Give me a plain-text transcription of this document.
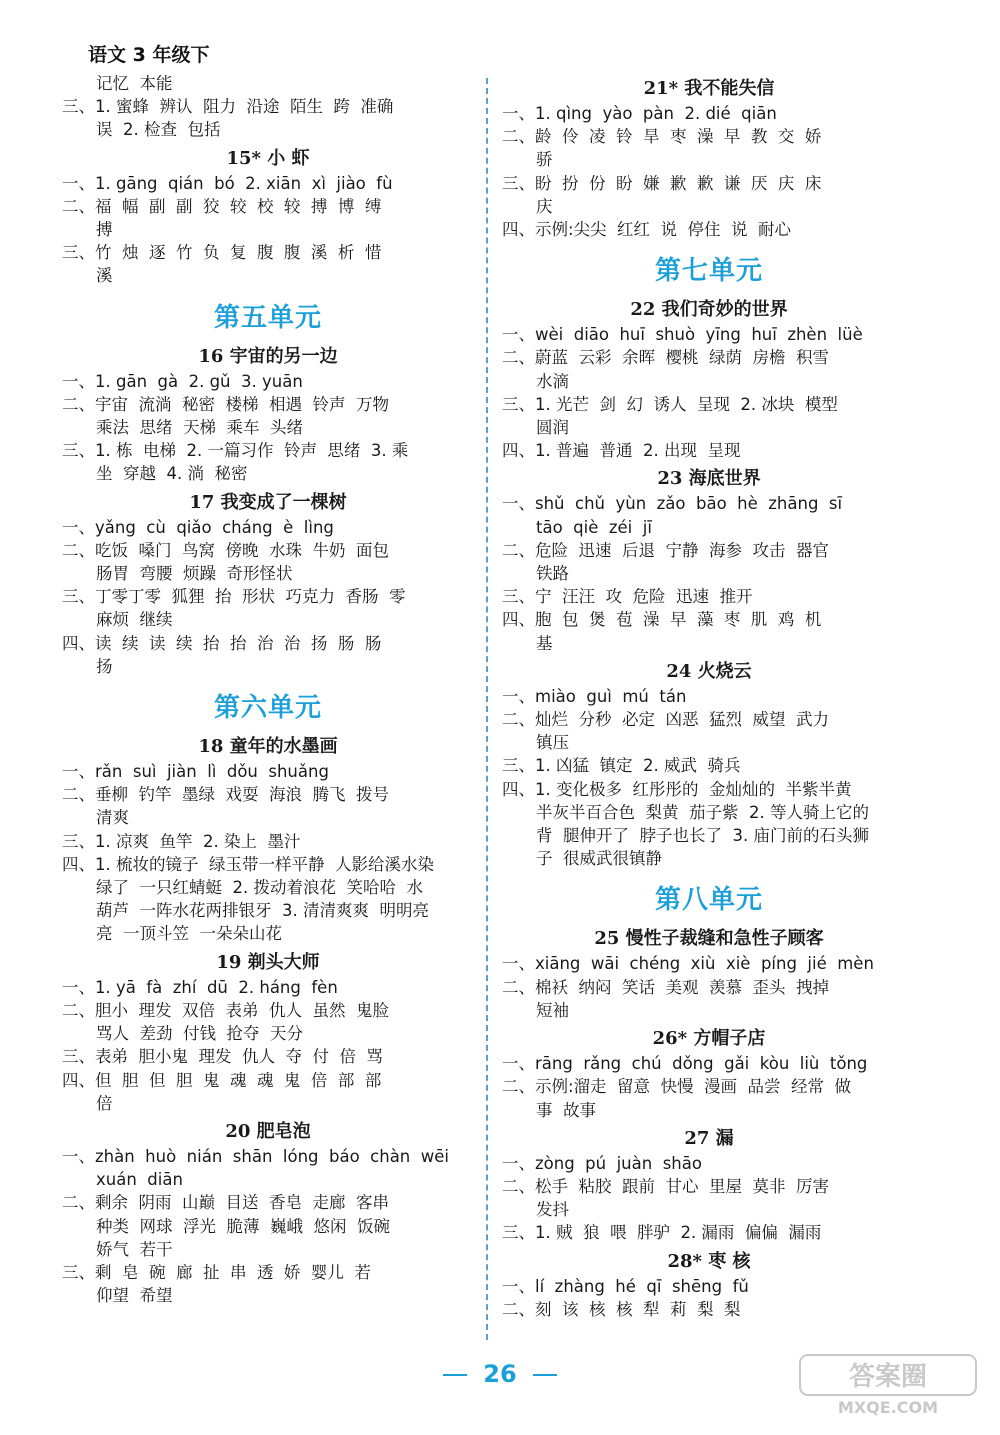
语文 3 年级下
记忆  本能
三、1. 蜜蜂  辨认  阻力  沿途  陌生  跨  准确
误  2. 检查  包括
15* 小 虾
一、1. gāng  qián  bó  2. xiān  xì  jiào  fù
二、福  幅  副  副  狡  较  校  较  搏  博  缚
搏
三、竹  烛  逐  竹  负  复  腹  腹  溪  析  惜
溪
第五单元
16 宇宙的另一边
一、1. gān  gà  2. gǔ  3. yuān
二、宇宙  流淌  秘密  楼梯  相遇  铃声  万物
乘法  思绪  天梯  乘车  头绪
三、1. 栋  电梯  2. 一篇习作  铃声  思绪  3. 乘
坐  穿越  4. 淌  秘密
17 我变成了一棵树
一、yǎng  cù  qiǎo  cháng  è  lìng
二、吃饭  嗓门  鸟窝  傍晚  水珠  牛奶  面包
肠胃  弯腰  烦躁  奇形怪状
三、丁零丁零  狐狸  抬  形状  巧克力  香肠  零
麻烦  继续
四、读  续  读  续  抬  抬  治  治  扬  肠  肠
扬
第六单元
18 童年的水墨画
一、rǎn  suì  jiàn  lì  dǒu  shuǎng
二、垂柳  钓竿  墨绿  戏耍  海浪  腾飞  拨号
清爽
三、1. 凉爽  鱼竿  2. 染上  墨汁
四、1. 梳妆的镜子  绿玉带一样平静  人影给溪水染
绿了  一只红蜻蜓  2. 拨动着浪花  笑哈哈  水
葫芦  一阵水花两排银牙  3. 清清爽爽  明明亮
亮  一顶斗笠  一朵朵山花
19 剃头大师
一、1. yā  fà  zhí  dū  2. háng  fèn
二、胆小  理发  双倍  表弟  仇人  虽然  鬼脸
骂人  差劲  付钱  抢夺  天分
三、表弟  胆小鬼  理发  仇人  夺  付  倍  骂
四、但  胆  但  胆  鬼  魂  魂  鬼  倍  部  部
倍
20 肥皂泡
一、zhàn  huò  nián  shān  lóng  báo  chàn  wēi
xuán  diān
二、剩余  阴雨  山巅  目送  香皂  走廊  客串
种类  网球  浮光  脆薄  巍峨  悠闲  饭碗
娇气  若干
三、剩  皂  碗  廊  扯  串  透  娇  婴儿  若
仰望  希望
21* 我不能失信
一、1. qìng  yào  pàn  2. dié  qiān
二、龄  伶  凌  铃  旱  枣  澡  早  教  交  娇
骄
三、盼  扮  份  盼  嫌  歉  歉  谦  厌  庆  床
庆
四、示例:尖尖  红红  说  停住  说  耐心
第七单元
22 我们奇妙的世界
一、wèi  diāo  huī  shuò  yīng  huī  zhèn  lüè
二、蔚蓝  云彩  余晖  樱桃  绿荫  房檐  积雪
水滴
三、1. 光芒  剑  幻  诱人  呈现  2. 冰块  模型
圆润
四、1. 普遍  普通  2. 出现  呈现
23 海底世界
一、shǔ  chǔ  yùn  zǎo  bāo  hè  zhāng  sī
tāo  qiè  zéi  jī
二、危险  迅速  后退  宁静  海参  攻击  器官
铁路
三、宁  汪汪  攻  危险  迅速  推开
四、胞  包  煲  苞  澡  早  藻  枣  肌  鸡  机
基
24 火烧云
一、miào  guì  mú  tán
二、灿烂  分秒  必定  凶恶  猛烈  威望  武力
镇压
三、1. 凶猛  镇定  2. 威武  骑兵
四、1. 变化极多  红彤彤的  金灿灿的  半紫半黄
半灰半百合色  梨黄  茄子紫  2. 等人骑上它的
背  腿伸开了  脖子也长了  3. 庙门前的石头狮
子  很威武很镇静
第八单元
25 慢性子裁缝和急性子顾客
一、xiāng  wāi  chéng  xiù  xiè  píng  jié  mèn
二、棉袄  纳闷  笑话  美观  羡慕  歪头  拽掉
短袖
26* 方帽子店
一、rāng  rǎng  chú  dǒng  gǎi  kòu  liù  tǒng
二、示例:溜走  留意  快慢  漫画  品尝  经常  做
事  故事
27 漏
一、zòng  pú  juàn  shāo
二、松手  粘胶  跟前  甘心  里屋  莫非  厉害
发抖
三、1. 贼  狼  喂  胖驴  2. 漏雨  偏偏  漏雨
28* 枣 核
一、lí  zhàng  hé  qī  shēng  fǔ
二、刻  该  核  核  犁  莉  梨  梨
26	答案圈
MXQE.COM
